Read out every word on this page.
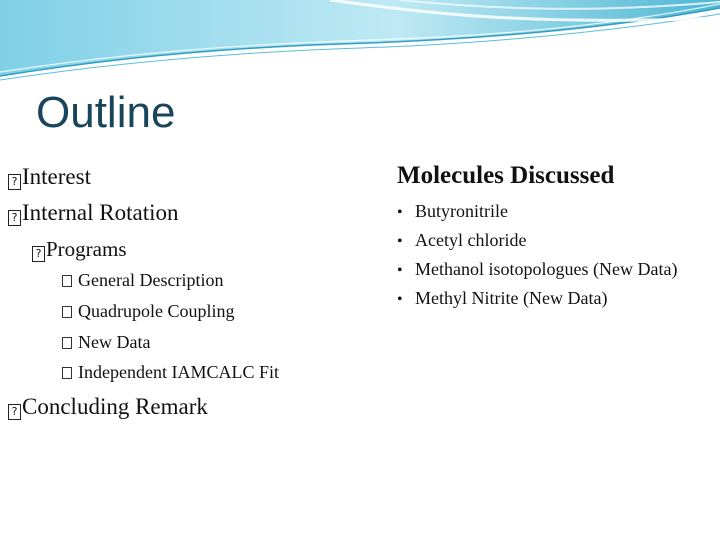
Outline
? Interest
? Internal Rotation
? Programs
General Description
Quadrupole Coupling
New Data
Independent IAMCALC Fit
? Concluding Remark
Molecules Discussed
• Butyronitrile
• Acetyl chloride
• Methanol isotopologues (New Data)
• Methyl Nitrite (New Data)
